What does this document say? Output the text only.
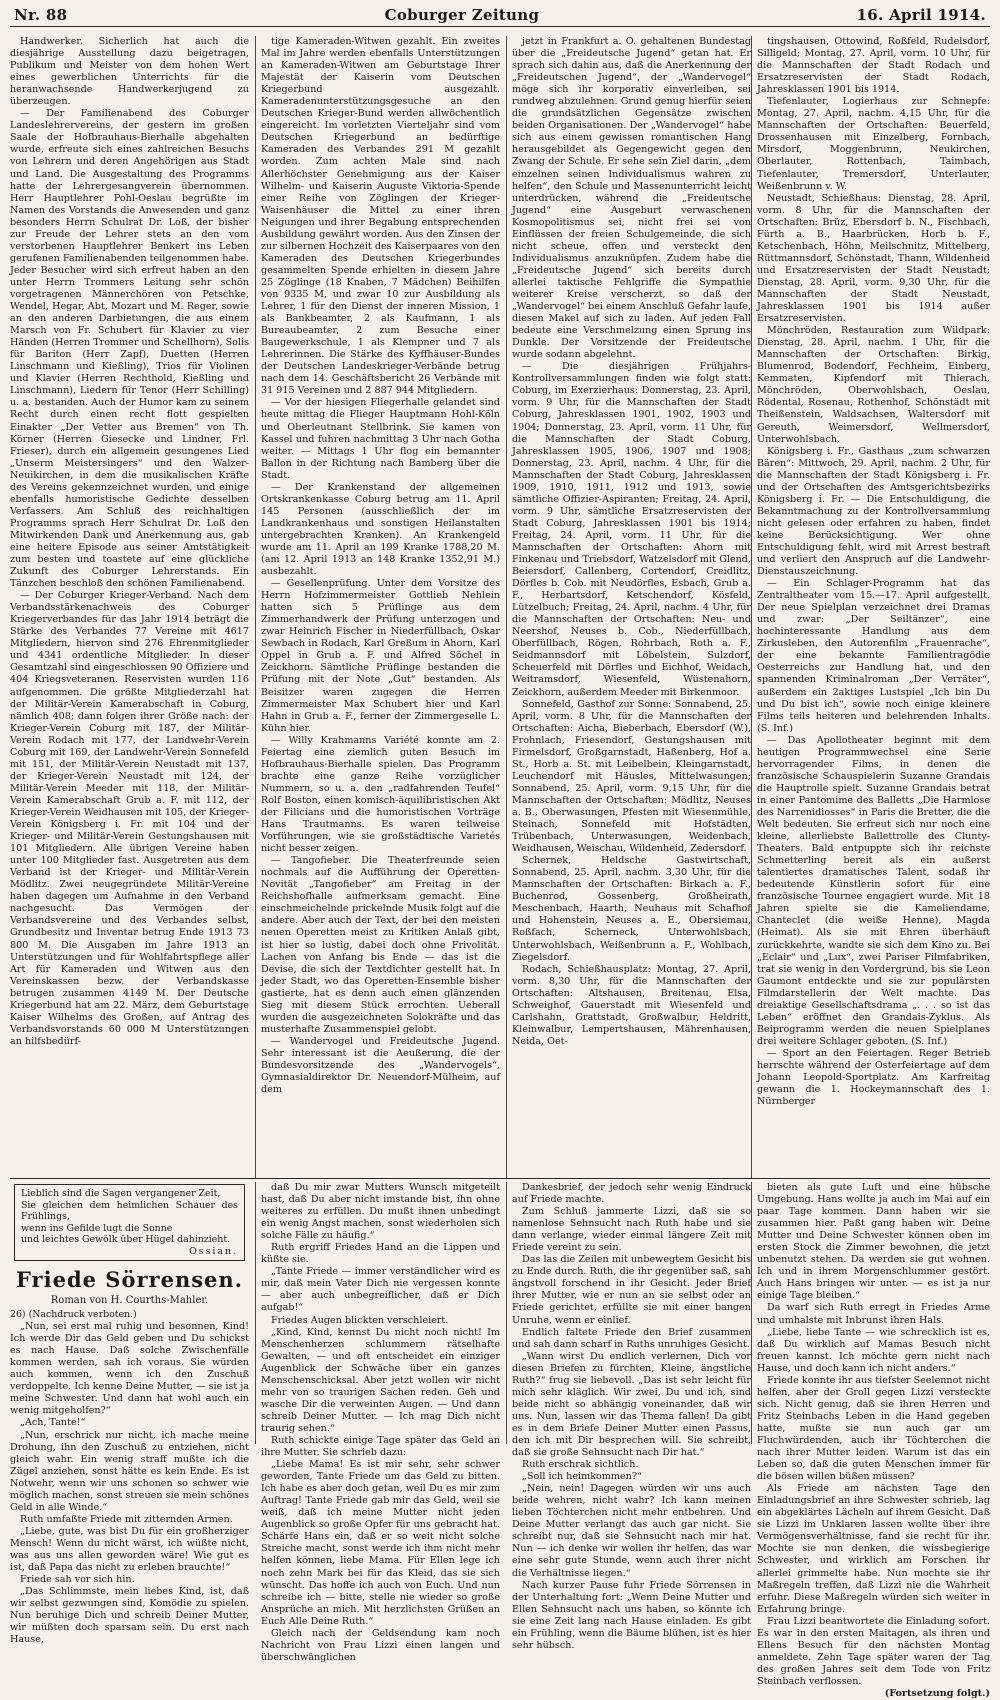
Nr. 88	Coburger Zeitung	16. April 1914.

Handwerker. Sicherlich hat auch die diesjährige Ausstellung dazu beigetragen, Publikum und Meister von dem hohen Wert eines gewerblichen Unterrichts für die heranwachsende Handwerkerjugend zu überzeugen.

— Der Familienabend des Coburger Landeslehrervereins, der gestern im großen Saale der Hofbrauhaus-Bierhalle abgehalten wurde, erfreute sich eines zahlreichen Besuchs von Lehrern und deren Angehörigen aus Stadt und Land. Die Ausgestaltung des Programms hatte der Lehrergesangverein übernommen. Herr Hauptlehrer Pohl-Oeslau begrüßte im Namen des Vorstands die Anwesenden und ganz besonders Herrn Schulrat Dr. Loß, der bisher zur Freude der Lehrer stets an den vom verstorbenen Hauptlehrer Benkert ins Leben gerufenen Familienabenden teilgenommen habe. Jeder Besucher wird sich erfreut haben an den unter Herrn Trommers Leitung sehr schön vorgetragenen Männerchören von Petschke, Wendel, Hegar, Abt, Mozart und M. Reger, sowie an den anderen Darbietungen, die aus einem Marsch von Fr. Schubert für Klavier zu vier Händen (Herren Trommer und Schellhorn), Solis für Bariton (Herr Zapf), Duetten (Herren Linschmann und Kießling), Trios für Violinen und Klavier (Herren Rechthold, Kießling und Linschmann), Liedern für Tenor (Herr Schilling) u. a. bestanden. Auch der Humor kam zu seinem Recht durch einen recht flott gespielten Einakter „Der Vetter aus Bremen“ von Th. Körner (Herren Giesecke und Lindner, Frl. Frieser), durch ein allgemein gesungenes Lied „Unserm Meistersingers“ und den Walzer-Neuikirchen, in dem die musikalischen Kräfte des Vereins gekennzeichnet wurden, und einige ebenfalls humoristische Gedichte desselben Verfassers. Am Schluß des reichhaltigen Programms sprach Herr Schulrat Dr. Loß den Mitwirkenden Dank und Anerkennung aus, gab eine heitere Episode aus seiner Amtstätigkeit zum besten und toastete auf eine glückliche Zukunft des Coburger Lehrerstands. Ein Tänzchen beschloß den schönen Familienabend.

— Der Coburger Krieger-Verband. Nach dem Verbandsstärkenachweis des Coburger Kriegerverbandes für das Jahr 1914 beträgt die Stärke des Verbandes 77 Vereine mit 4617 Mitgliedern, hiervon sind 276 Ehrenmitglieder und 4341 ordentliche Mitglieder. In dieser Gesamtzahl sind eingeschlossen 90 Offiziere und 404 Kriegsveteranen. Reservisten wurden 116 aufgenommen. Die größte Mitgliederzahl hat der Militär-Verein Kamerabschaft in Coburg, nämlich 408; dann folgen ihrer Größe nach: der Krieger-Verein Coburg mit 187, der Militär-Verein Rodach mit 177, der Landwehr-Verein Coburg mit 169, der Landwehr-Verein Sonnefeld mit 151, der Militär-Verein Neustadt mit 137, der Krieger-Verein Neustadt mit 124, der Militär-Verein Meeder mit 118, der Militär-Verein Kamerabschaft Grub a. F. mit 112, der Krieger-Verein Weidhausen mit 105, der Krieger-Verein Königsberg i. Fr. mit 104 und der Krieger- und Militär-Verein Gestungshausen mit 101 Mitgliedern. Alle übrigen Vereine haben unter 100 Mitglieder fast. Ausgetreten aus dem Verband ist der Krieger- und Militär-Verein Mödlitz. Zwei neugegründete Militär-Vereine haben dagegen um Aufnahme in den Verband nachgesucht. Das Vermögen der Verbandsvereine und des Verbandes selbst, Grundbesitz und Inventar betrug Ende 1913 73 800 M. Die Ausgaben im Jahre 1913 an Unterstützungen und für Wohlfahrtspflege aller Art für Kameraden und Witwen aus den Vereinskassen bezw. der Verbandskasse betrugen zusammen 4149 M. Der Deutsche Kriegerbund hat am 22. März, dem Geburtstage Kaiser Wilhelms des Großen, auf Antrag des Verbandsvorstands 60 000 M Unterstützungen an hilfsbedürf-

tige Kameraden-Witwen gezahlt. Ein zweites Mal im Jahre werden ebenfalls Unterstützungen an Kameraden-Witwen am Geburtstage Ihrer Majestät der Kaiserin vom Deutschen Kriegerbund ausgezahlt. Kameradenunterstützungsgesuche an den Deutschen Krieger-Bund werden allwöchentlich eingereicht. Im vorletzten Vierteljahr sind vom Deutschen Kriegerbund an bedürftige Kameraden des Verbandes 291 M gezahlt worden. Zum achten Male sind nach Allerhöchster Genehmigung aus der Kaiser Wilhelm- und Kaiserin Auguste Viktoria-Spende einer Reihe von Zöglingen der Krieger-Waisenhäuser die Mittel zu einer ihren Neigungen und ihrer Begabung entsprechenden Ausbildung gewährt worden. Aus den Zinsen der zur silbernen Hochzeit des Kaiserpaares von den Kameraden des Deutschen Kriegerbundes gesammelten Spende erhielten in diesem Jahre 25 Zöglinge (18 Knaben, 7 Mädchen) Beihilfen von 9335 M, und zwar 10 zur Ausbildung als Lehrer, 1 für den Dienst der inneren Mission, 1 als Bankbeamter, 2 als Kaufmann, 1 als Bureaubeamter, 2 zum Besuche einer Baugewerkschule, 1 als Klempner und 7 als Lehrerinnen. Die Stärke des Kyffhäuser-Bundes der Deutschen Landeskrieger-Verbände betrug nach dem 14. Geschäftsbericht 26 Verbände mit 31 915 Vereinen und 2 887 944 Mitgliedern.

— Vor der hiesigen Fliegerhalle gelandet sind heute mittag die Flieger Hauptmann Hohl-Köln und Oberleutnant Stellbrink. Sie kamen von Kassel und fuhren nachmittag 3 Uhr nach Gotha weiter. — Mittags 1 Uhr flog ein bemannter Ballon in der Richtung nach Bamberg über die Stadt.

— Der Krankenstand der allgemeinen Ortskrankenkasse Coburg betrug am 11. April 145 Personen (ausschließlich der im Landkrankenhaus und sonstigen Heilanstalten untergebrachten Kranken). An Krankengeld wurde am 11. April an 199 Kranke 1788,20 M. (am 12. April 1913 an 148 Kranke 1352,91 M.) ausbezahlt.

— Gesellenprüfung. Unter dem Vorsitze des Herrn Hofzimmermeister Gottlieb Nehlein hatten sich 5 Prüflinge aus dem Zimmerhandwerk der Prüfung unterzogen und zwar Heinrich Fischer in Niederfüllbach, Oskar Sewbach in Rodach, Karl Greßum in Ahorn, Karl Oppel in Grub a. F. und Alfred Söchel in Zeickhorn. Sämtliche Prüflinge bestanden die Prüfung mit der Note „Gut“ bestanden. Als Beisitzer waren zugegen die Herren Zimmermeister Max Schubert hier und Karl Hahn in Grub a. F., ferner der Zimmergeselle L. Kühn hier.

— Willy Krahmanns Variété konnte am 2. Feiertag eine ziemlich guten Besuch im Hofbrauhaus-Bierhalle spielen. Das Programm brachte eine ganze Reihe vorzüglicher Nummern, so u. a. den „radfahrenden Teufel“ Rolf Boston, einen komisch-äquilibristischen Akt der Filicians und die humoristischen Vorträge Hans Trautmanns. Es waren teilweise Vorführungen, wie sie großstädtische Varietés nicht besser zeigen.

— Tangofieber. Die Theaterfreunde seien nochmals auf die Aufführung der Operetten-Novität „Tangofieber“ am Freitag in der Reichshofhalle aufmerksam gemacht. Eine einschmeichelnde prickelnde Musik folgt auf die andere. Aber auch der Text, der bei den meisten neuen Operetten meist zu Kritiken Anlaß gibt, ist hier so lustig, dabei doch ohne Frivolität. Lachen von Anfang bis Ende — das ist die Devise, die sich der Textdichter gestellt hat. In jeder Stadt, wo das Operetten-Ensemble bisher gastierte, hat es denn auch einen glänzenden Sieg mit diesem Stück errochten. Ueberall wurden die ausgezeichneten Solokräfte und das musterhafte Zusammenspiel gelobt.

— Wandervogel und Freideutsche Jugend. Sehr interessant ist die Aeußerung, die der Bundesvorsitzende des „Wandervogels“, Gymnasialdirektor Dr. Neuendorf-Mülheim, auf dem

jetzt in Frankfurt a. O. gehaltenen Bundestag über die „Freideutsche Jugend“ getan hat. Er sprach sich dahin aus, daß die Anerkennung der „Freideutschen Jugend“, der „Wandervogel“ möge sich ihr korporativ einverleiben, sei rundweg abzulehnen. Grund genug hierfür seien die grundsätzlichen Gegensätze zwischen beiden Organisationen. Der „Wandervogel“ habe sich aus einem gewissen romantischen Hang herausgebildet als Gegengewicht gegen den Zwang der Schule. Er sehe sein Ziel darin, „dem einzelnen seinen Individualismus wahren zu helfen“, den Schule und Massenunterricht leicht unterdrücken, während die „Freideutsche Jugend“ eine Ausgeburt verwaschenen Kosmopolitismus sei, nicht frei sei von Einflüssen der freien Schulgemeinde, die sich nicht scheue, offen und versteckt den Individualismus anzuknüpfen. Zudem habe die „Freideutsche Jugend“ sich bereits durch allerlei taktische Fehlgriffe die Sympathie weiterer Kreise verscherzt, so daß der „Wandervogel“ bei einem Anschluß Gefahr laufe, diesen Makel auf sich zu laden. Auf jeden Fall bedeute eine Verschmelzung einen Sprung ins Dunkle. Der Vorsitzende der Freideutsche wurde sodann abgelehnt.

— Die diesjährigen Frühjahrs-Kontrollversammlungen finden wie folgt statt: Coburg, im Exerzierhaus: Donnerstag, 23. April, vorm. 9 Uhr, für die Mannschaften der Stadt Coburg, Jahresklassen 1901, 1902, 1903 und 1904; Donnerstag, 23. April, vorm. 11 Uhr, für die Mannschaften der Stadt Coburg, Jahresklassen 1905, 1906, 1907 und 1908; Donnerstag, 23. April, nachm. 4 Uhr, für die Mannschaften der Stadt Coburg, Jahresklassen 1909, 1910, 1911, 1912 und 1913, sowie sämtliche Offizier-Aspiranten; Freitag, 24. April, vorm. 9 Uhr, sämtliche Ersatzreservisten der Stadt Coburg, Jahresklassen 1901 bis 1914; Freitag, 24. April, vorm. 11 Uhr, für die Mannschaften der Ortschaften: Ahorn mit Finkenau und Triebsdorf, Watzelsdorf mit Glend, Beiersdorf, Callenberg, Cortendorf, Creidlitz, Dörfles b. Cob. mit Neudörfles, Esbach, Grub a. F., Herbartsdorf, Ketschendorf, Kösfeld, Lützelbuch; Freitag, 24. April, nachm. 4 Uhr, für die Mannschaften der Ortschaften: Neu- und Neershof, Neuses b. Cob., Niederfüllbach, Oberfüllbach, Rögen, Rohrbach, Roth a. F., Seidmannsdorf mit Löbelstein, Sulzdorf, Scheuerfeld mit Dörfles und Eichhof, Weidach, Weitramsdorf, Wiesenfeld, Wüstenahorn, Zeickhorn, außerdem Meeder mit Birkenmoor.

Sonnefeld, Gasthof zur Sonne: Sonnabend, 25. April, vorm. 8 Uhr, für die Mannschaften der Ortschaften: Aicha, Bieberbach, Ebersdorf (W.), Frohnlach, Friesendorf, Gestungshausen mit Firmelsdorf, Großgarnstadt, Haßenberg, Hof a. St., Horb a. St. mit Leibelbein, Kleingarnstadt, Leuchendorf mit Häusles, Mittelwasungen; Sonnabend, 25. April, vorm. 9,15 Uhr, für die Mannschaften der Ortschaften: Mödlitz, Neuses a. B., Oberwasungen, Pfesten mit Wiesenmühle, Steinach, Sonnefeld mit Hofstädten, Trübenbach, Unterwasungen, Weidenbach, Weidhausen, Weischau, Wildenheid, Zedersdorf.

Schernek, Heldsche Gastwirtschaft, Sonnabend, 25. April, nachm. 3,30 Uhr, für die Mannschaften der Ortschaften: Birkach a. F., Buchenrod, Gossenberg, Großheirath, Meschenbach, Haarth, Neuhaus mit Schafhof und Hohenstein, Neuses a. E., Obersiemau, Roßfach, Scherneck, Unterwohlsbach, Unterwohlsbach, Weißenbrunn a. F., Wohlbach, Ziegelsdorf.

Rodach, Schießhausplatz: Montag, 27. April, vorm. 8,30 Uhr, für die Mannschaften der Ortschaften: Altshausen, Breitenau, Elsa, Schweighof, Gauerstadt mit Wiesenfeld und Carlshahn, Grattstadt, Großwalbur, Heldritt, Kleinwalbur, Lempertshausen, Mährenhausen, Neida, Oet-

tingshausen, Ottowind, Roßfeld, Rudelsdorf, Silligeld; Montag, 27. April, vorm. 10 Uhr, für die Mannschaften der Stadt Rodach und Ersatzreservisten der Stadt Rodach, Jahresklassen 1901 bis 1914.

Tiefenlauter, Logierhaus zur Schnepfe: Montag, 27. April, nachm. 4,15 Uhr, für die Mannschaften der Ortschaften: Beuerfeld, Drossenhausen mit Einzelberg, Fornbach, Mirsdorf, Moggenbrunn, Neukirchen, Oberlauter, Rottenbach, Taimbach, Tiefenlauter, Tremersdorf, Unterlauter, Weißenbrunn v. W.

Neustadt, Schießhaus: Dienstag, 28. April, vorm. 8 Uhr, für die Mannschaften der Ortschaften: Brüz, Ebersdorf b. N., Fischbach, Fürth a. B., Haarbrücken, Horb b. F., Ketschenbach, Höhn, Meilschnitz, Mittelberg, Rüttmannsdorf, Schönstadt, Thann, Wildenheid und Ersatzreservisten der Stadt Neustadt; Dienstag, 28. April, vorm. 9,30 Uhr, für die Mannschaften der Stadt Neustadt, Jahresklassen 1901 bis 1914 außer Ersatzreservisten.

Mönchröden, Restauration zum Wildpark: Dienstag, 28. April, nachm. 1 Uhr, für die Mannschaften der Ortschaften: Birkig, Blumenrod, Bodendorf, Fechheim, Einberg, Kemmaten, Kipfendorf mit Thierach, Mönchröden, Oberwohlsbach, Oeslau, Rödental, Rosenau, Rothenhof, Schönstädt mit Theißenstein, Waldsachsen, Waltersdorf mit Gereuth, Weimersdorf, Wellmersdorf, Unterwohlsbach.

Königsberg i. Fr., Gasthaus „zum schwarzen Bären“: Mittwoch, 29. April, nachm. 2 Uhr, für die Mannschaften der Stadt Königsberg i. Fr. und der Ortschaften des Amtsgerichtsbezirks Königsberg i. Fr. — Die Entschuldigung, die Bekanntmachung zu der Kontrollversammlung nicht gelesen oder erfahren zu haben, findet keine Berücksichtigung. Wer ohne Entschuldigung fehlt, wird mit Arrest bestraft und verliert den Anspruch auf die Landwehr-Dienstauszeichnung.

— Ein Schlager-Programm hat das Zentraltheater vom 15.—17. April aufgestellt. Der neue Spielplan verzeichnet drei Dramas und zwar: „Der Seiltänzer“, eine hochinteressante Handlung aus dem Zirkusleben, den Autorenfilm „Frauenrache“, der eine bekannte Familientragödie Oesterreichs zur Handlung hat, und den spannenden Kriminalroman „Der Verräter“, außerdem ein 2aktiges Lustspiel „Ich bin Du und Du bist ich“, sowie noch einige kleinere Films teils heiteren und belehrenden Inhalts. (S. Inf.)

— Das Apollotheater beginnt mit dem heutigen Programmwechsel eine Serie hervorragender Films, in denen die französische Schauspielerin Suzanne Grandais die Hauptrolle spielt. Suzanne Grandais betrat in einer Pantomime des Balletts „Die Harmlose des Narrenidiosses“ in Paris die Bretter, die die Welt bedeuten. Sie erfreut sich nur noch eine kleine, allerliebste Ballettrolle des Clunty-Theaters. Bald entpuppte sich ihr reichste Schmetterling bereit als ein außerst talentiertes dramatisches Talent, sodaß ihr bedeutende Künstlerin sofort für eine französische Tournee engagiert wurde. Mit 18 Jahren spielte sie die Kameliendame, Chanteclet (die weiße Henne), Magda (Heimat). Als sie mit Ehren überhäuft zurückkehrte, wandte sie sich dem Kino zu. Bei „Eclair“ und „Lux“, zwei Pariser Filmfabriken, trat sie wenig in den Vordergrund, bis sie Leon Gaumont entdeckte und sie zur populärsten Filmdarstellerin der Welt machte. Das dreiaktige Gesellschaftsdrama „. . . so ist das Leben“ eröffnet den Grandais-Zyklus. Als Beiprogramm werden die neuen Spielplanes drei weitere Schlager geboten. (S. Inf.)

— Sport an den Feiertagen. Reger Betrieb herrschte während der Osterfeiertage auf dem Johann Leopold-Sportplatz. Am Karfreitag gewann die 1. Hockeymannschaft des 1. Nürnberger

Lieblich sind die Sagen vergangener Zeit,

Sie gleichen dem heimlichen Schauer des Frühlings,

wenn ins Gefilde lugt die Sonne

und leichtes Gewölk über Hügel dahinzieht.

Ossian.

Friede Sörrensen.
Roman von H. Courths-Mahler.

26) (Nachdruck verboten.)

„Nun, sei erst mal ruhig und besonnen, Kind! Ich werde Dir das Geld geben und Du schickst es nach Hause. Daß solche Zwischenfälle kommen werden, sah ich voraus. Sie würden auch kommen, wenn ich den Zuschuß verdoppelte. Ich kenne Deine Mutter, — sie ist ja meine Schwester. Und dann hat wohl auch ein wenig mitgeholfen?“

„Ach, Tante!“

„Nun, erschrick nur nicht, ich mache meine Drohung, ihn den Zuschuß zu entziehen, nicht gleich wahr. Ein wenig straff mußte ich die Zügel anziehen, sonst hätte es kein Ende. Es ist Notwehr, wenn wir uns schonen so schwer wie möglich machen, sonst streuen sie mein schönes Geld in alle Winde.“

Ruth umfaßte Friede mit zitternden Armen.

„Liebe, gute, was bist Du für ein großherziger Mensch! Wenn du nicht wärst, ich wüßte nicht, was aus uns allen geworden wäre! Wie gut es ist, daß Papa das nicht zu erleben brauchte!“

Friede sah vor sich hin.

„Das Schlimmste, mein liebes Kind, ist, daß wir selbst gezwungen sind, Komödie zu spielen. Nun beruhige Dich und schreib Deiner Mutter, wir müßten doch sparsam sein. Du erst nach Hause,

daß Du mir zwar Mutters Wunsch mitgeteilt hast, daß Du aber nicht imstande bist, ihn ohne weiteres zu erfüllen. Du mußt ihnen unbedingt ein wenig Angst machen, sonst wiederholen sich solche Fälle zu häufig.“

Ruth ergriff Friedes Hand an die Lippen und küßte sie.

„Tante Friede — immer verständlicher wird es mir, daß mein Vater Dich nie vergessen konnte — aber auch unbegreiflicher, daß er Dich aufgab!“

Friedes Augen blickten verschleiert.

„Kind, Kind, kennst Du nicht noch nicht! Im Menschenherzen schlummern rätselhafte Gewalten, — und oft entscheidet ein einziger Augenblick der Schwäche über ein ganzes Menschenschicksal. Aber jetzt wollen wir nicht mehr von so traurigen Sachen reden. Geh und wasche Dir die verweinten Augen. — Und dann schreib Deiner Mutter. — Ich mag Dich nicht traurig sehen.“

Ruth schickte einige Tage später das Geld an ihre Mutter. Sie schrieb dazu:

„Liebe Mama! Es ist mir sehr, sehr schwer geworden, Tante Friede um das Geld zu bitten. Ich habe es aber doch getan, weil Du es mir zum Auftrag! Tante Friede gab mir das Geld, weil sie weiß, daß ich meine Mutter nicht jeden Augenblick so große Opfer für uns gebracht hat. Schärfe Hans ein, daß er so weit nicht solche Streiche macht, sonst werde ich ihm nicht mehr helfen können, liebe Mama. Für Ellen lege ich noch zehn Mark bei für das Kleid, das sie sich wünscht. Das hoffe ich auch von Euch. Und nun schreibe ich — bitte, stelle nie wieder so große Ansprüche an mich. Mit herzlichsten Grüßen an Euch Alle Deine Ruth.“

Gleich nach der Geldsendung kam noch Nachricht von Frau Lizzi einen langen und überschwänglichen

Dankesbrief, der jedoch sehr wenig Eindruck auf Friede machte.

Zum Schluß jammerte Lizzi, daß sie so namenlose Sehnsucht nach Ruth habe und sie dann verlange, wieder einmal längere Zeit mit Friede vereint zu sein.

Das las die Zeilen mit unbewegtem Gesicht bis zu Ende durch. Ruth, die ihr gegenüber saß, sah ängstvoll forschend in ihr Gesicht. Jeder Brief ihrer Mutter, wie er nun an sie selbst oder an Friede gerichtet, erfüllte sie mit einer bangen Unruhe, wenn er einlief.

Endlich faltete Friede den Brief zusammen und sah dann scharf in Ruths unruhiges Gesicht.

„Wann wirst Du endlich verlernen, Dich vor diesen Briefen zu fürchten, Kleine, ängstliche Ruth?“ frug sie liebevoll. „Das ist sehr leicht für mich sehr kläglich. Wir zwei, Du und ich, sind beide nicht so abhängig voneinander, daß wir uns. Nun, lassen wir das Thema fallen! Da gibt es in dem Briefe Deiner Mutter einen Passus, den ich mit Dir besprechen will. Sie schreibt, daß sie große Sehnsucht nach Dir hat.“

Ruth erschrak sichtlich.

„Soll ich heimkommen?“

„Nein, nein! Dagegen würden wir uns auch beide wehren, nicht wahr? Ich kann meinen lieben Töchterchen nicht mehr entbehren. Und Deine Mutter verlangt das auch gar nicht. Sie schreibt nur, daß sie Sehnsucht nach mir hat. Nun — ich denke wir wollen ihr helfen, das war eine sehr gute Stunde, wenn auch ihrer nicht die Verhältnisse liegen.“

Nach kurzer Pause fuhr Friede Sörrensen in der Unterhaltung fort: „Wenn Deine Mutter und Ellen Sehnsucht nach uns haben, so könnte ich sie eine Zeit lang nach Hause einladen. Es gibt ein Frühling, wenn die Bäume blühen, ist es hier sehr hübsch.

bieten als gute Luft und eine hübsche Umgebung. Hans wollte ja auch im Mai auf ein paar Tage kommen. Dann haben wir sie zusammen hier. Paßt gang haben wir. Deine Mutter und Deine Schwester können oben im ersten Stock die Zimmer bewohnen, die jetzt unbenutzt stehen. Da werden sie gut wohnen. Ich und in ihrem Morgenschlummer gestört. Auch Hans bringen wir unter. — es ist ja nur einige Tage bleiben.“

Da warf sich Ruth erregt in Friedes Arme und umhalste mit Inbrunst ihren Hals.

„Liebe, liebe Tante — wie schrecklich ist es, daß Du wirklich auf Mamas Besuch nicht freuen kannst. Ich möchte gern nicht nach Hause, und doch kann ich nicht anders.“

Friede konnte ihr aus tiefster Seelennot nicht helfen, aber der Groll gegen Lizzi versteckte sich. Nicht genug, daß sie ihren Herren und Fritz Steinbachs Leben in die Hand gegeben hatte, mußte sie nun auch gar um Fluchwürdenden, auch ihr Töchterchen die nach ihrer Mutter leiden. Warum ist das ein Leben so, daß die guten Menschen immer für die bösen willen büßen müssen?

Als Friede am nächsten Tage den Einladungsbrief an ihre Schwester schrieb, lag ein abgeklärtes Lächeln auf ihrem Gesicht. Daß sie Lizzi im Unklaren lassen wollte über ihre Vermögensverhältnisse, fand sie recht für ihr. Mochte sie nun denken, die wissbegierige Schwester, und wirklich am Forschen ihr allerlei grimmelte habe. Nun mochte sie ihr Maßregeln treffen, daß Lizzi nie die Wahrheit erfuhr. Diese Maßregeln würden sich weiter in Erfahrung bringe.

Frau Lizzi beantwortete die Einladung sofort. Es war in den ersten Maitagen, als ihren und Ellens Besuch für den nächsten Montag anmeldete. Zehn Tage später waren der Tag des großen Jahres seit dem Tode von Fritz Steinbach verflossen.

(Fortsetzung folgt.)
